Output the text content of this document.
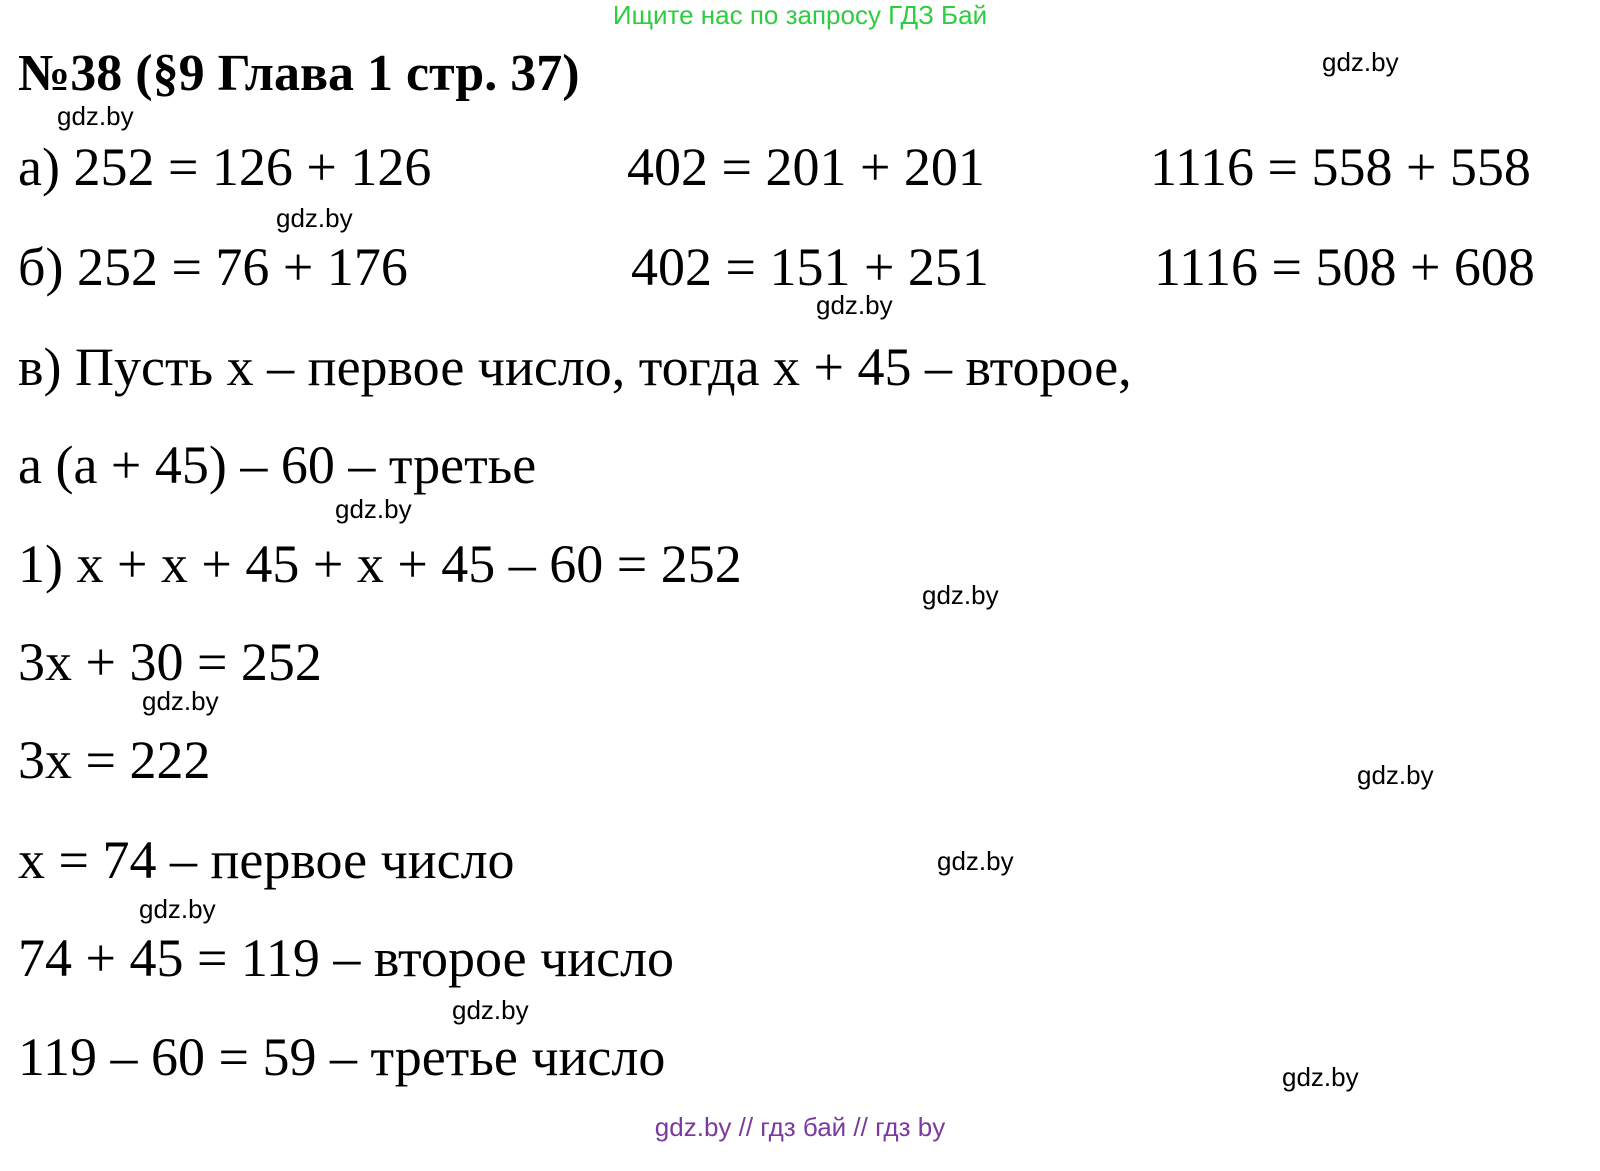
Ищите нас по запросу ГДЗ Бай
№38 (§9 Глава 1 стр. 37)
а) 252 = 126 + 126	402 = 201 + 201	1116 = 558 + 558
б) 252 = 76 + 176	402 = 151 + 251	1116 = 508 + 608
в) Пусть x – первое число, тогда x + 45 – второе,
а (а + 45) – 60 – третье
1) x + x + 45 + x + 45 – 60 = 252
3x + 30 = 252
3x = 222
x = 74 – первое число
74 + 45 = 119 – второе число
119 – 60 = 59 – третье число
gdz.by
gdz.by
gdz.by
gdz.by
gdz.by
gdz.by
gdz.by
gdz.by
gdz.by
gdz.by
gdz.by
gdz.by
gdz.by // гдз бай // гдз by
